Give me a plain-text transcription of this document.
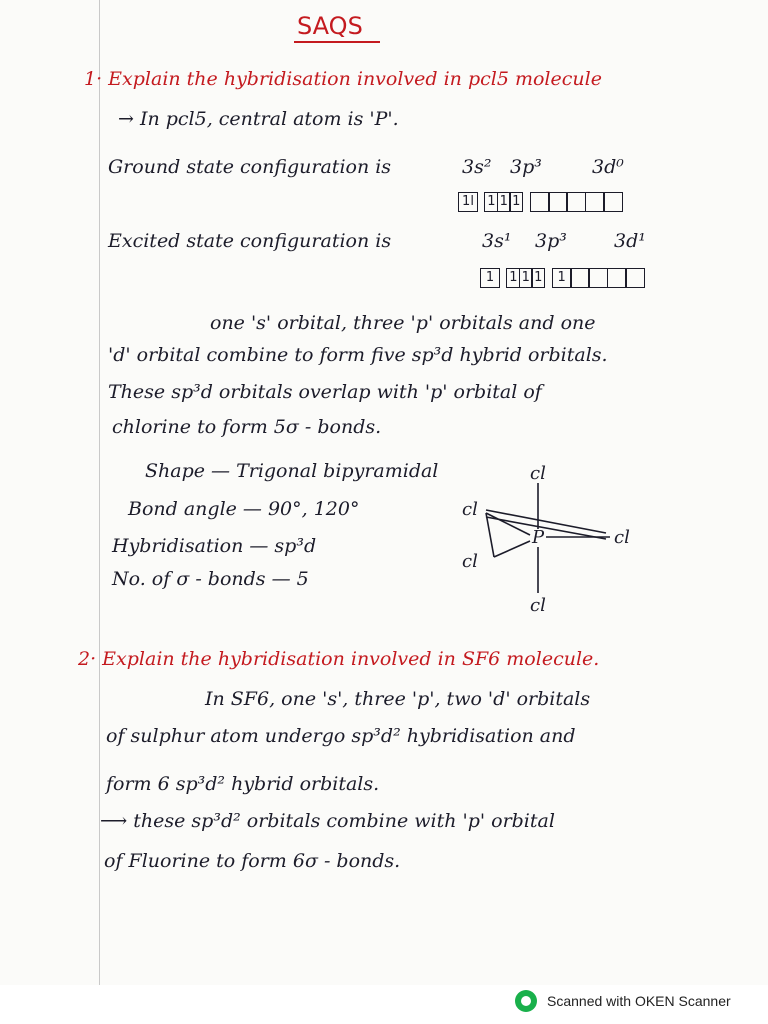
SAQS
1· Explain the hybridisation involved in pcl5 molecule
→ In pcl5, central atom is 'P'.
Ground state configuration is	3s² 3p³	3d⁰
1l	1 1 1
Excited state configuration is	3s¹ 3p³ 3d¹
1	1 1 1	1
one 's' orbital, three 'p' orbitals and one
'd' orbital combine to form five sp³d hybrid orbitals.
These sp³d orbitals overlap with 'p' orbital of
chlorine to form 5σ - bonds.
Shape — Trigonal bipyramidal
Bond angle — 90°, 120°
Hybridisation — sp³d
No. of σ - bonds — 5
P
cl
cl
cl
cl
cl
2· Explain the hybridisation involved in SF6 molecule.
In SF6, one 's', three 'p', two 'd' orbitals
of sulphur atom undergo sp³d² hybridisation and
form 6 sp³d² hybrid orbitals.
⟶ these sp³d² orbitals combine with 'p' orbital
of Fluorine to form 6σ - bonds.
Scanned with OKEN Scanner
